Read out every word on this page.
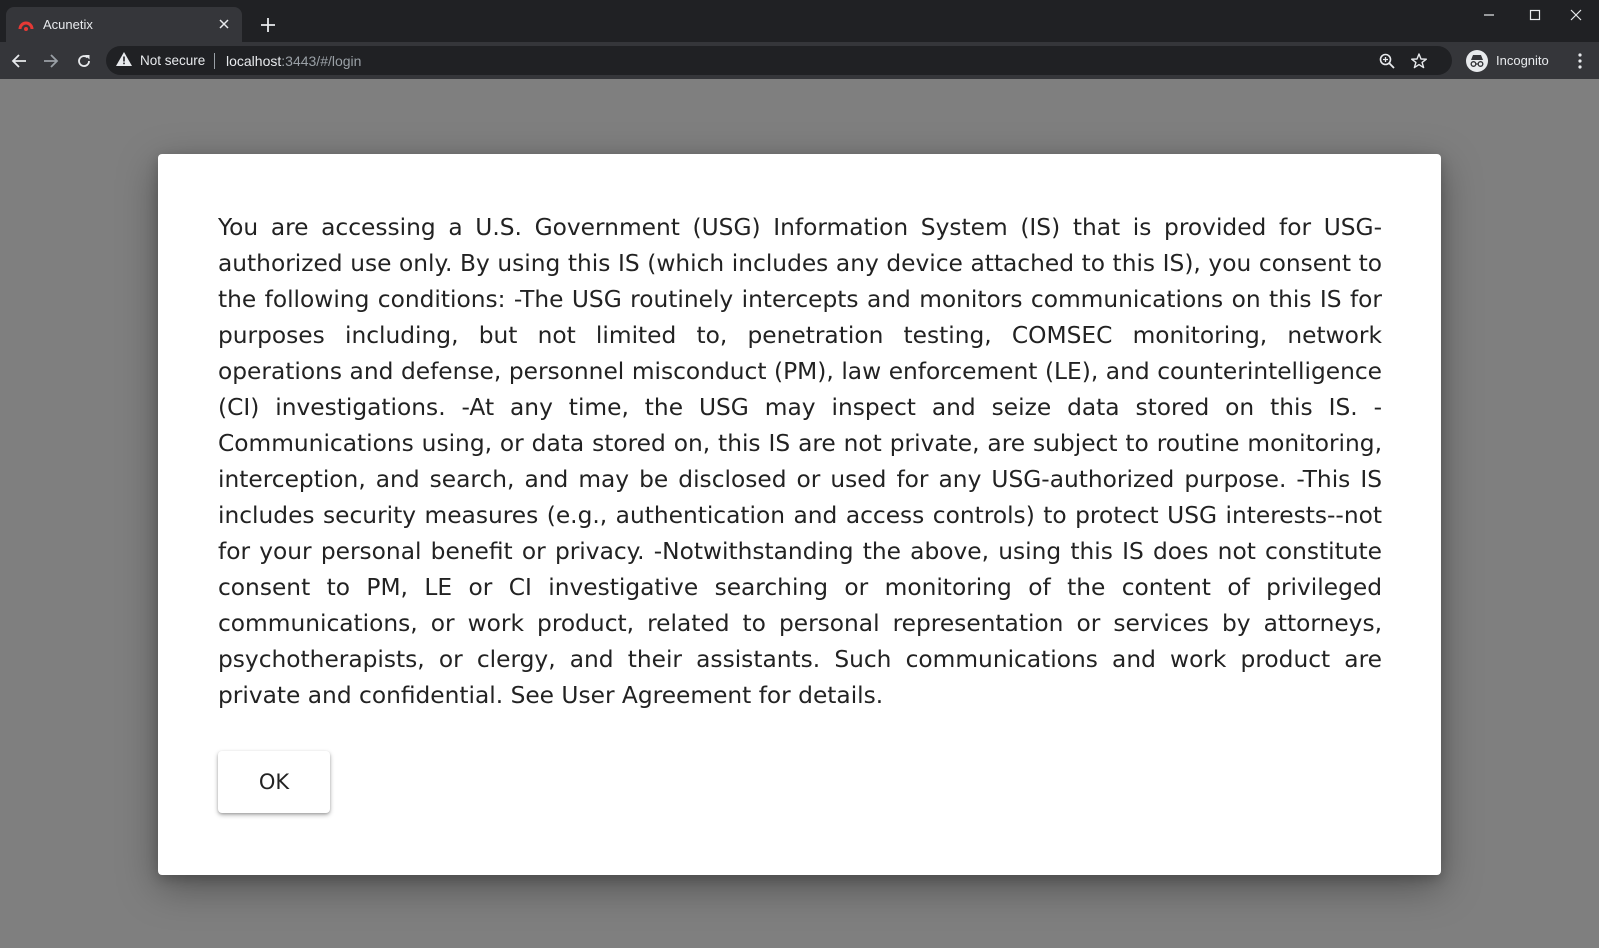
Acunetix
Not secure localhost :3443/#/login	Incognito

You are accessing a U.S. Government (USG) Information System (IS) that is provided for USG-authorized use only. By using this IS (which includes any device attached to this IS), you consent to the following conditions: -The USG routinely intercepts and monitors communications on this IS for purposes including, but not limited to, penetration testing, COMSEC monitoring, network operations and defense, personnel misconduct (PM), law enforcement (LE), and counterintelligence (CI) investigations. -At any time, the USG may inspect and seize data stored on this IS. -Communications using, or data stored on, this IS are not private, are subject to routine monitoring, interception, and search, and may be disclosed or used for any USG-authorized purpose. -This IS includes security measures (e.g., authentication and access controls) to protect USG interests--not for your personal benefit or privacy. -Notwithstanding the above, using this IS does not constitute consent to PM, LE or CI investigative searching or monitoring of the content of privileged communications, or work product, related to personal representation or services by attorneys, psychotherapists, or clergy, and their assistants. Such communications and work product are private and confidential. See User Agreement for details.

OK
